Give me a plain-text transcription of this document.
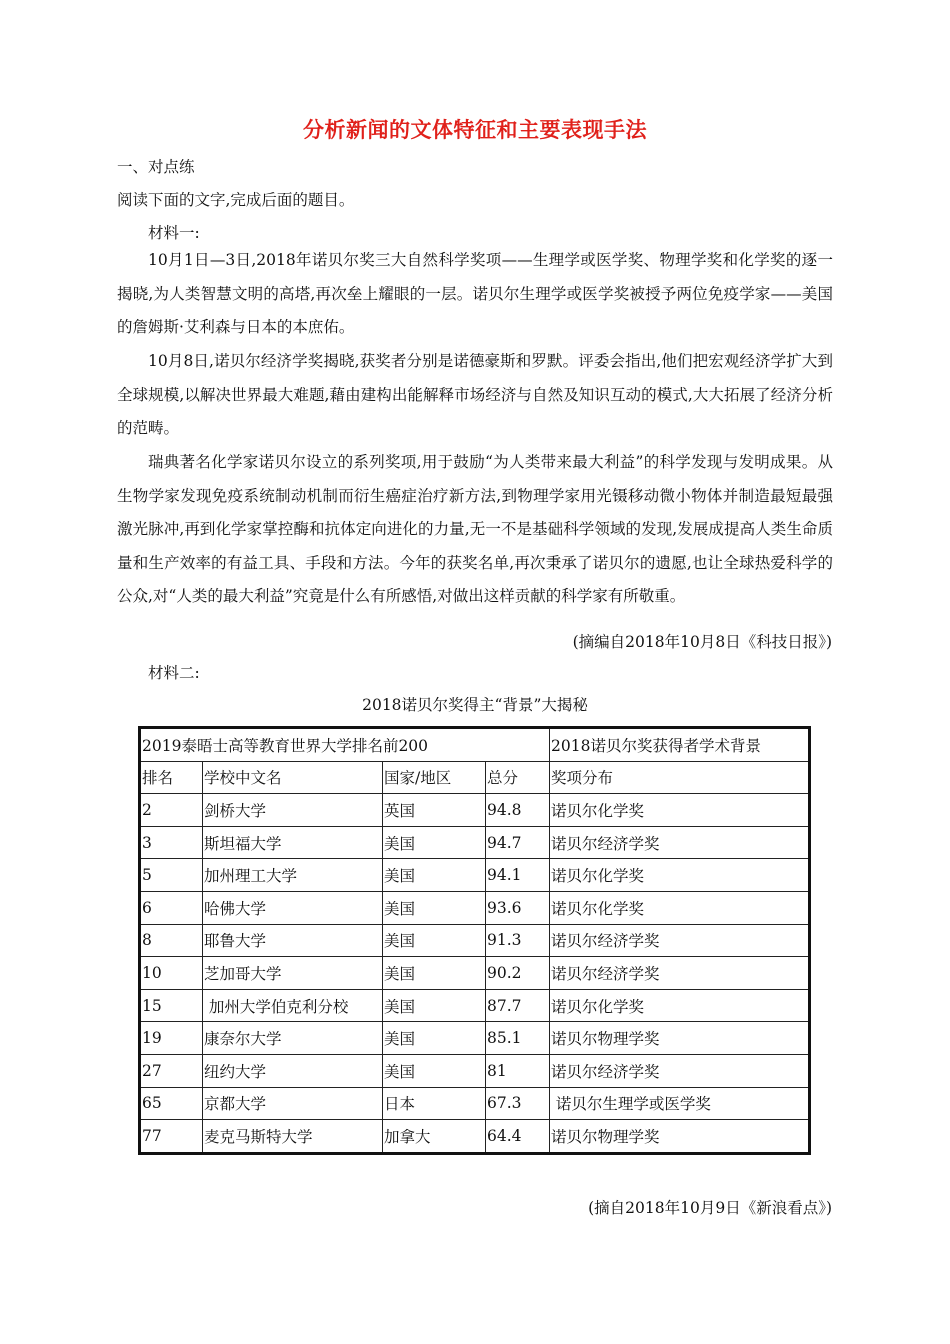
分析新闻的文体特征和主要表现手法
一、对点练
阅读下面的文字,完成后面的题目。
材料一:

10月1日—3日,2018年诺贝尔奖三大自然科学奖项——生理学或医学奖、物理学奖和化学奖的逐一揭晓,为人类智慧文明的高塔,再次垒上耀眼的一层。诺贝尔生理学或医学奖被授予两位免疫学家——美国的詹姆斯·艾利森与日本的本庶佑。

10月8日,诺贝尔经济学奖揭晓,获奖者分别是诺德豪斯和罗默。评委会指出,他们把宏观经济学扩大到全球规模,以解决世界最大难题,藉由建构出能解释市场经济与自然及知识互动的模式,大大拓展了经济分析的范畴。

瑞典著名化学家诺贝尔设立的系列奖项,用于鼓励“为人类带来最大利益”的科学发现与发明成果。从生物学家发现免疫系统制动机制而衍生癌症治疗新方法,到物理学家用光镊移动微小物体并制造最短最强激光脉冲,再到化学家掌控酶和抗体定向进化的力量,无一不是基础科学领域的发现,发展成提高人类生命质量和生产效率的有益工具、手段和方法。今年的获奖名单,再次秉承了诺贝尔的遗愿,也让全球热爱科学的公众,对“人类的最大利益”究竟是什么有所感悟,对做出这样贡献的科学家有所敬重。

(摘编自2018年10月8日《科技日报》)
材料二:
2018诺贝尔奖得主“背景”大揭秘
2019泰晤士高等教育世界大学排名前200				2018诺贝尔奖获得者学术背景
排名	学校中文名	国家/地区	总分	奖项分布
2	剑桥大学	英国	94.8	诺贝尔化学奖
3	斯坦福大学	美国	94.7	诺贝尔经济学奖
5	加州理工大学	美国	94.1	诺贝尔化学奖
6	哈佛大学	美国	93.6	诺贝尔化学奖
8	耶鲁大学	美国	91.3	诺贝尔经济学奖
10	芝加哥大学	美国	90.2	诺贝尔经济学奖
15	加州大学伯克利分校	美国	87.7	诺贝尔化学奖
19	康奈尔大学	美国	85.1	诺贝尔物理学奖
27	纽约大学	美国	81	诺贝尔经济学奖
65	京都大学	日本	67.3	诺贝尔生理学或医学奖
77	麦克马斯特大学	加拿大	64.4	诺贝尔物理学奖
(摘自2018年10月9日《新浪看点》)
